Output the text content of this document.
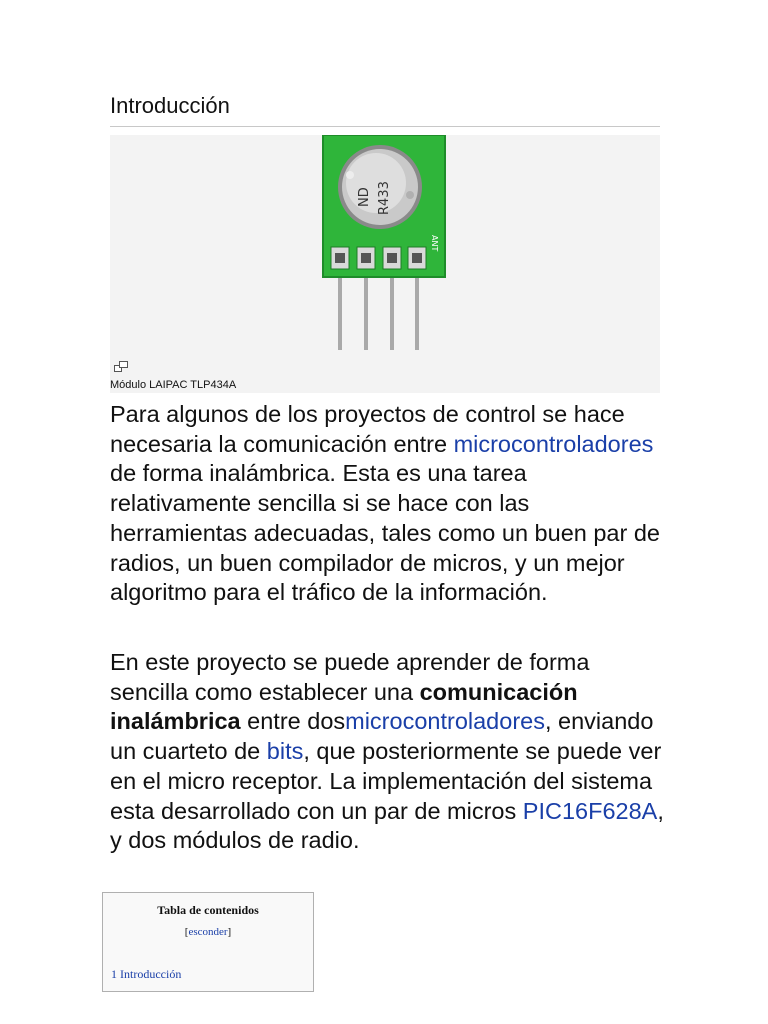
Introducción
ND R433
ANT
Módulo LAIPAC TLP434A

Para algunos de los proyectos de control se hace necesaria la comunicación entre microcontroladores de forma inalámbrica. Esta es una tarea relativamente sencilla si se hace con las herramientas adecuadas, tales como un buen par de radios, un buen compilador de micros, y un mejor algoritmo para el tráfico de la información.

En este proyecto se puede aprender de forma sencilla como establecer una comunicación inalámbrica entre dosmicrocontroladores, enviando un cuarteto de bits, que posteriormente se puede ver en el micro receptor. La implementación del sistema esta desarrollado con un par de micros PIC16F628A, y dos módulos de radio.

Tabla de contenidos
[esconder]
1 Introducción
